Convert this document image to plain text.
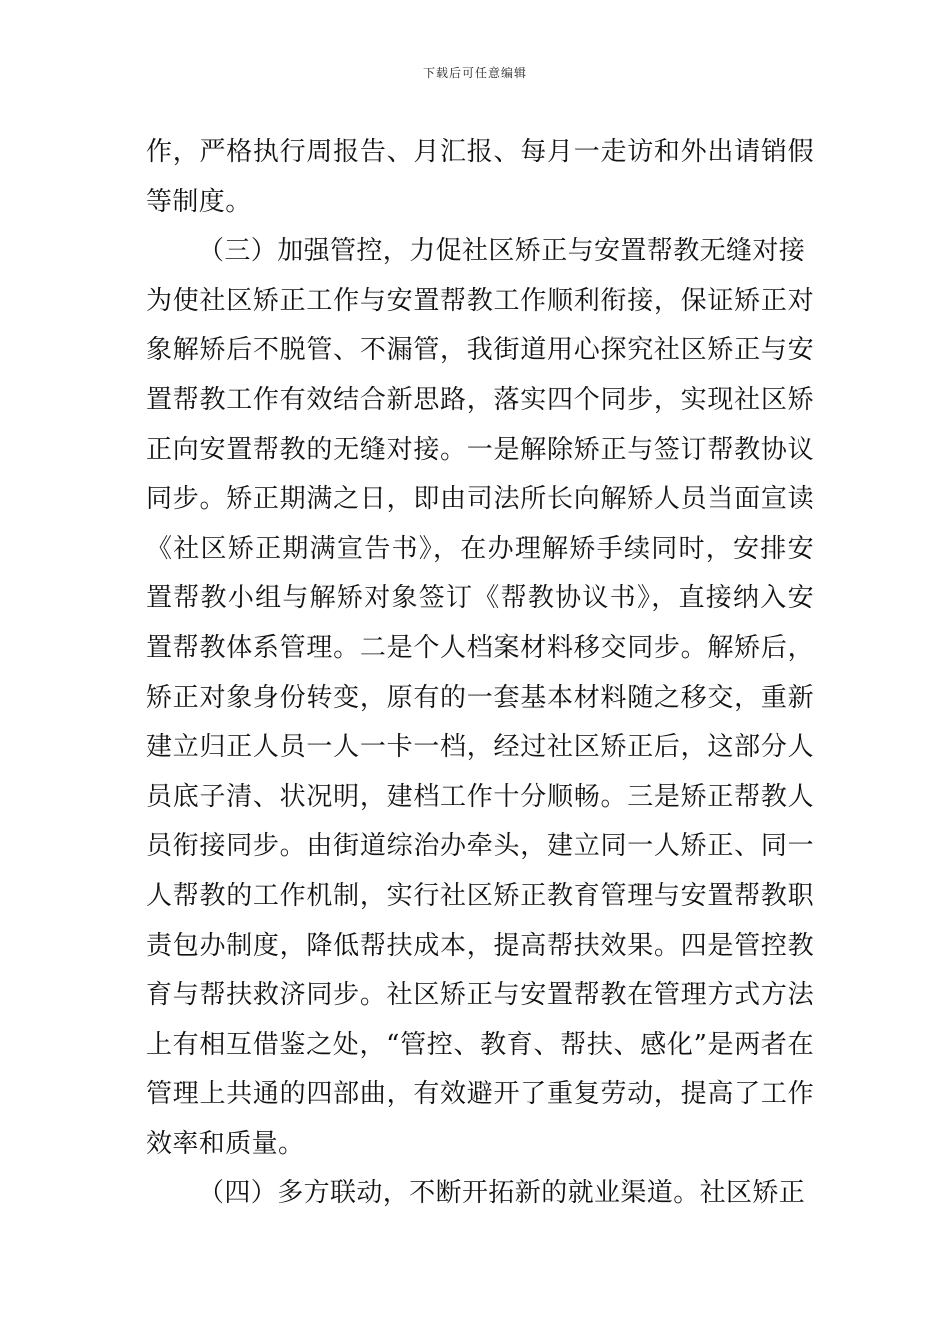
下载后可任意编辑

作，严格执行周报告、月汇报、每月一走访和外出请销假等制度。

（三）加强管控，力促社区矫正与安置帮教无缝对接

为使社区矫正工作与安置帮教工作顺利衔接，保证矫正对象解矫后不脱管、不漏管，我街道用心探究社区矫正与安置帮教工作有效结合新思路，落实四个同步，实现社区矫正向安置帮教的无缝对接。一是解除矫正与签订帮教协议同步。矫正期满之日，即由司法所长向解矫人员当面宣读《社区矫正期满宣告书》，在办理解矫手续同时，安排安置帮教小组与解矫对象签订《帮教协议书》，直接纳入安置帮教体系管理。二是个人档案材料移交同步。解矫后，矫正对象身份转变，原有的一套基本材料随之移交，重新建立归正人员一人一卡一档，经过社区矫正后，这部分人员底子清、状况明，建档工作十分顺畅。三是矫正帮教人员衔接同步。由街道综治办牵头，建立同一人矫正、同一人帮教的工作机制，实行社区矫正教育管理与安置帮教职责包办制度，降低帮扶成本，提高帮扶效果。四是管控教育与帮扶救济同步。社区矫正与安置帮教在管理方式方法上有相互借鉴之处，“管控、教育、帮扶、感化”是两者在管理上共通的四部曲，有效避开了重复劳动，提高了工作效率和质量。

（四）多方联动，不断开拓新的就业渠道。社区矫正
